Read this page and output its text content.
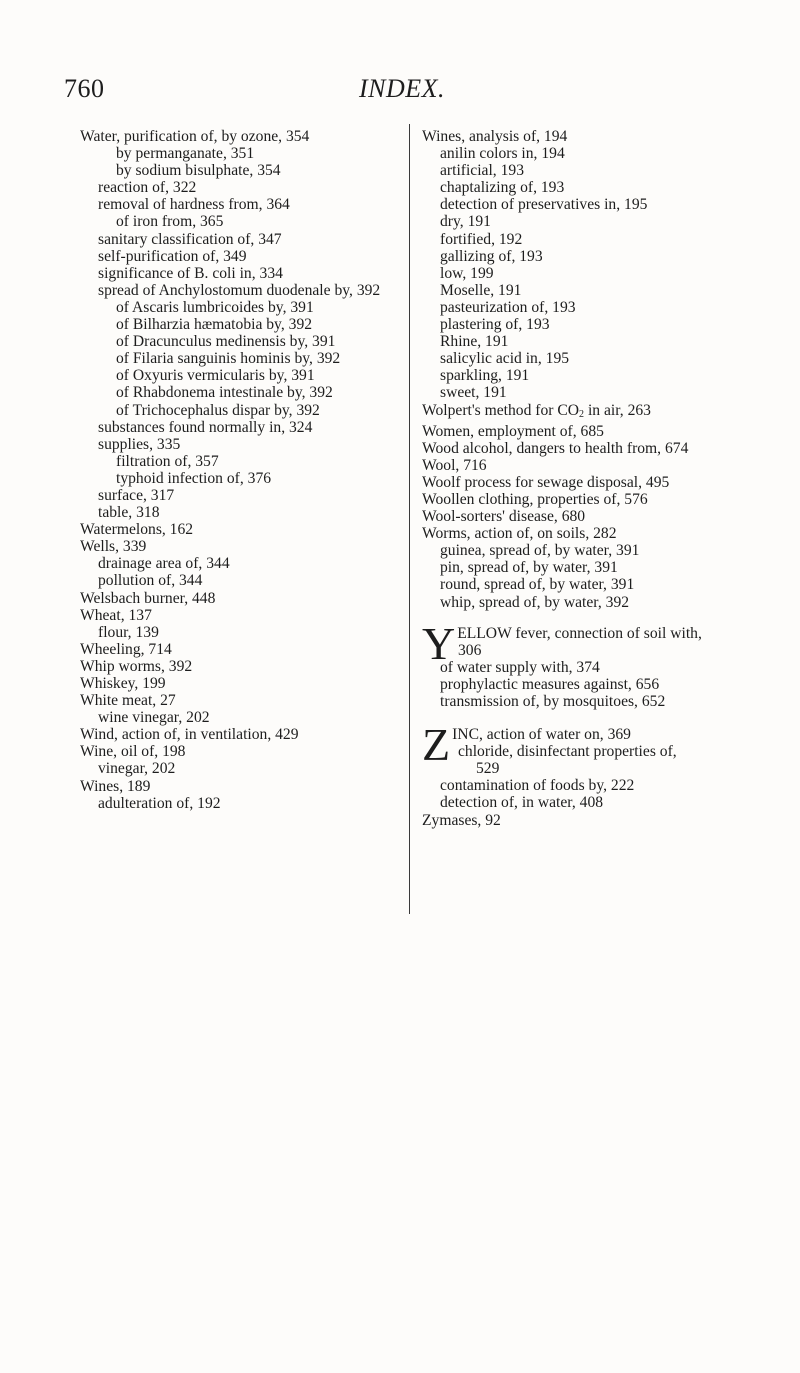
760	INDEX.

Water, purification of, by ozone, 354

by permanganate, 351

by sodium bisulphate, 354

reaction of, 322

removal of hardness from, 364

of iron from, 365

sanitary classification of, 347

self-purification of, 349

significance of B. coli in, 334

spread of Anchylostomum duodenale by, 392

of Ascaris lumbricoides by, 391

of Bilharzia hæmatobia by, 392

of Dracunculus medinensis by, 391

of Filaria sanguinis hominis by, 392

of Oxyuris vermicularis by, 391

of Rhabdonema intestinale by, 392

of Trichocephalus dispar by, 392

substances found normally in, 324

supplies, 335

filtration of, 357

typhoid infection of, 376

surface, 317

table, 318

Watermelons, 162

Wells, 339

drainage area of, 344

pollution of, 344

Welsbach burner, 448

Wheat, 137

flour, 139

Wheeling, 714

Whip worms, 392

Whiskey, 199

White meat, 27

wine vinegar, 202

Wind, action of, in ventilation, 429

Wine, oil of, 198

vinegar, 202

Wines, 189

adulteration of, 192

Wines, analysis of, 194

anilin colors in, 194

artificial, 193

chaptalizing of, 193

detection of preservatives in, 195

dry, 191

fortified, 192

gallizing of, 193

low, 199

Moselle, 191

pasteurization of, 193

plastering of, 193

Rhine, 191

salicylic acid in, 195

sparkling, 191

sweet, 191

Wolpert's method for $CO_2$ in air, 263

Women, employment of, 685

Wood alcohol, dangers to health from, 674

Wool, 716

Woolf process for sewage disposal, 495

Woollen clothing, properties of, 576

Wool-sorters' disease, 680

Worms, action of, on soils, 282

guinea, spread of, by water, 391

pin, spread of, by water, 391

round, spread of, by water, 391

whip, spread of, by water, 392

YELLOW fever, connection of soil with,

306

of water supply with, 374

prophylactic measures against, 656

transmission of, by mosquitoes, 652

ZINC, action of water on, 369

chloride, disinfectant properties of,

529

contamination of foods by, 222

detection of, in water, 408

Zymases, 92
